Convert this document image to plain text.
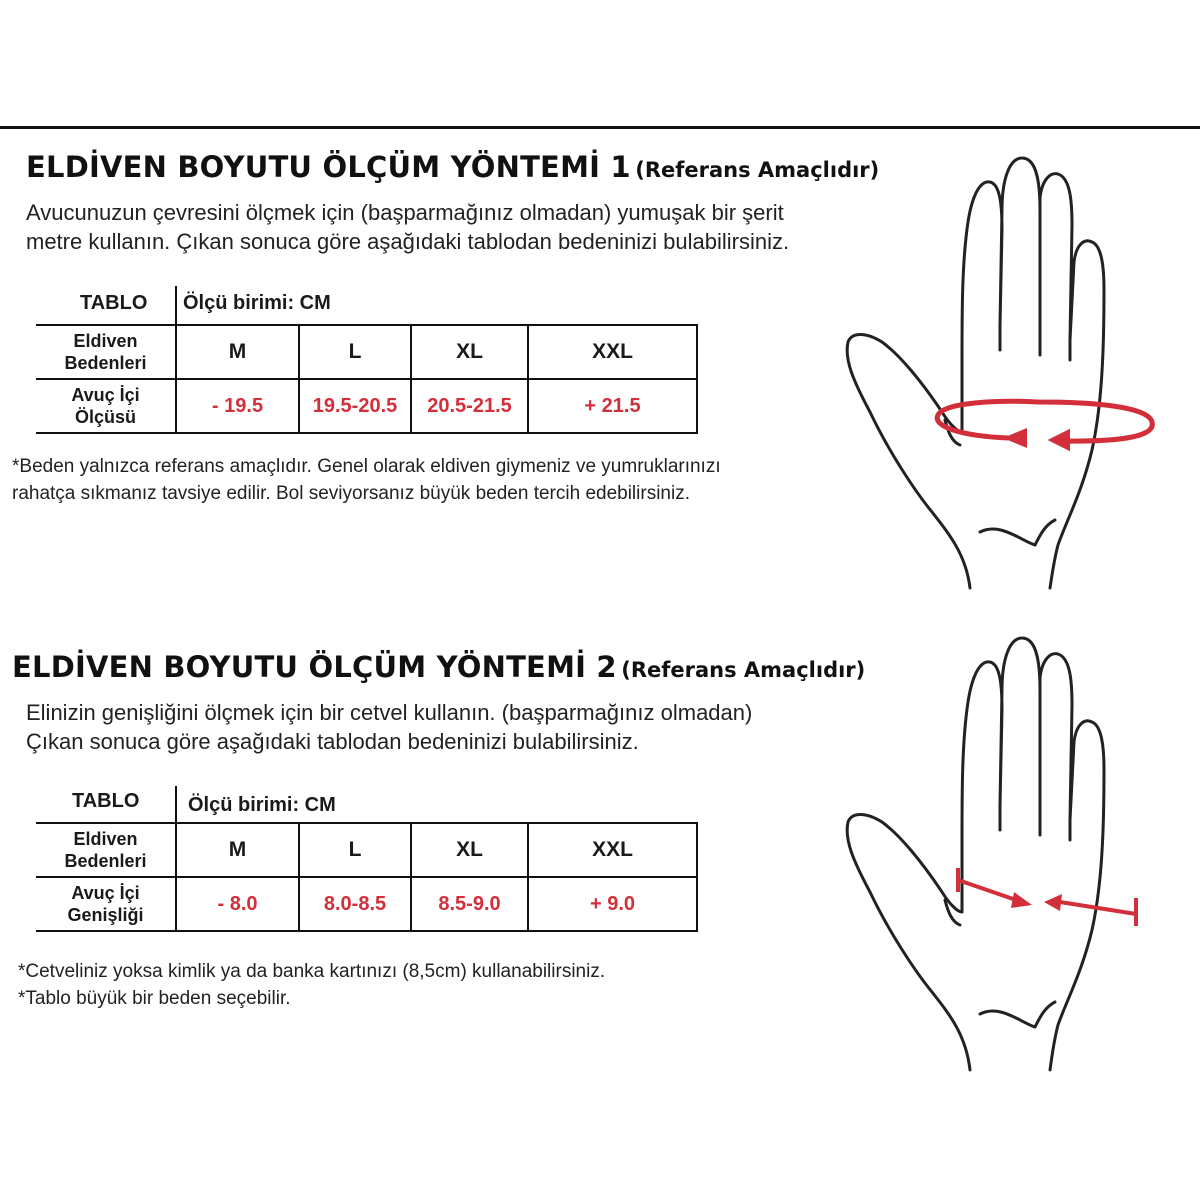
ELDİVEN BOYUTU ÖLÇÜM YÖNTEMİ 1 (Referans Amaçlıdır)
Avucunuzun çevresini ölçmek için (başparmağınız olmadan) yumuşak bir şerit
metre kullanın. Çıkan sonuca göre aşağıdaki tablodan bedeninizi bulabilirsiniz.
TABLO Ölçü birimi: CM
Eldiven
Bedenleri	M	L	XL	XXL

Avuç İçi
Ölçüsü	- 19.5	19.5-20.5	20.5-21.5	+ 21.5
*Beden yalnızca referans amaçlıdır. Genel olarak eldiven giymeniz ve yumruklarınızı
rahatça sıkmanız tavsiye edilir. Bol seviyorsanız büyük beden tercih edebilirsiniz.
ELDİVEN BOYUTU ÖLÇÜM YÖNTEMİ 2 (Referans Amaçlıdır)
Elinizin genişliğini ölçmek için bir cetvel kullanın. (başparmağınız olmadan)
Çıkan sonuca göre aşağıdaki tablodan bedeninizi bulabilirsiniz.
TABLO Ölçü birimi: CM
Eldiven
Bedenleri	M	L	XL	XXL

Avuç İçi
Genişliği	- 8.0	8.0-8.5	8.5-9.0	+ 9.0
*Cetveliniz yoksa kimlik ya da banka kartınızı (8,5cm) kullanabilirsiniz.
*Tablo büyük bir beden seçebilir.
